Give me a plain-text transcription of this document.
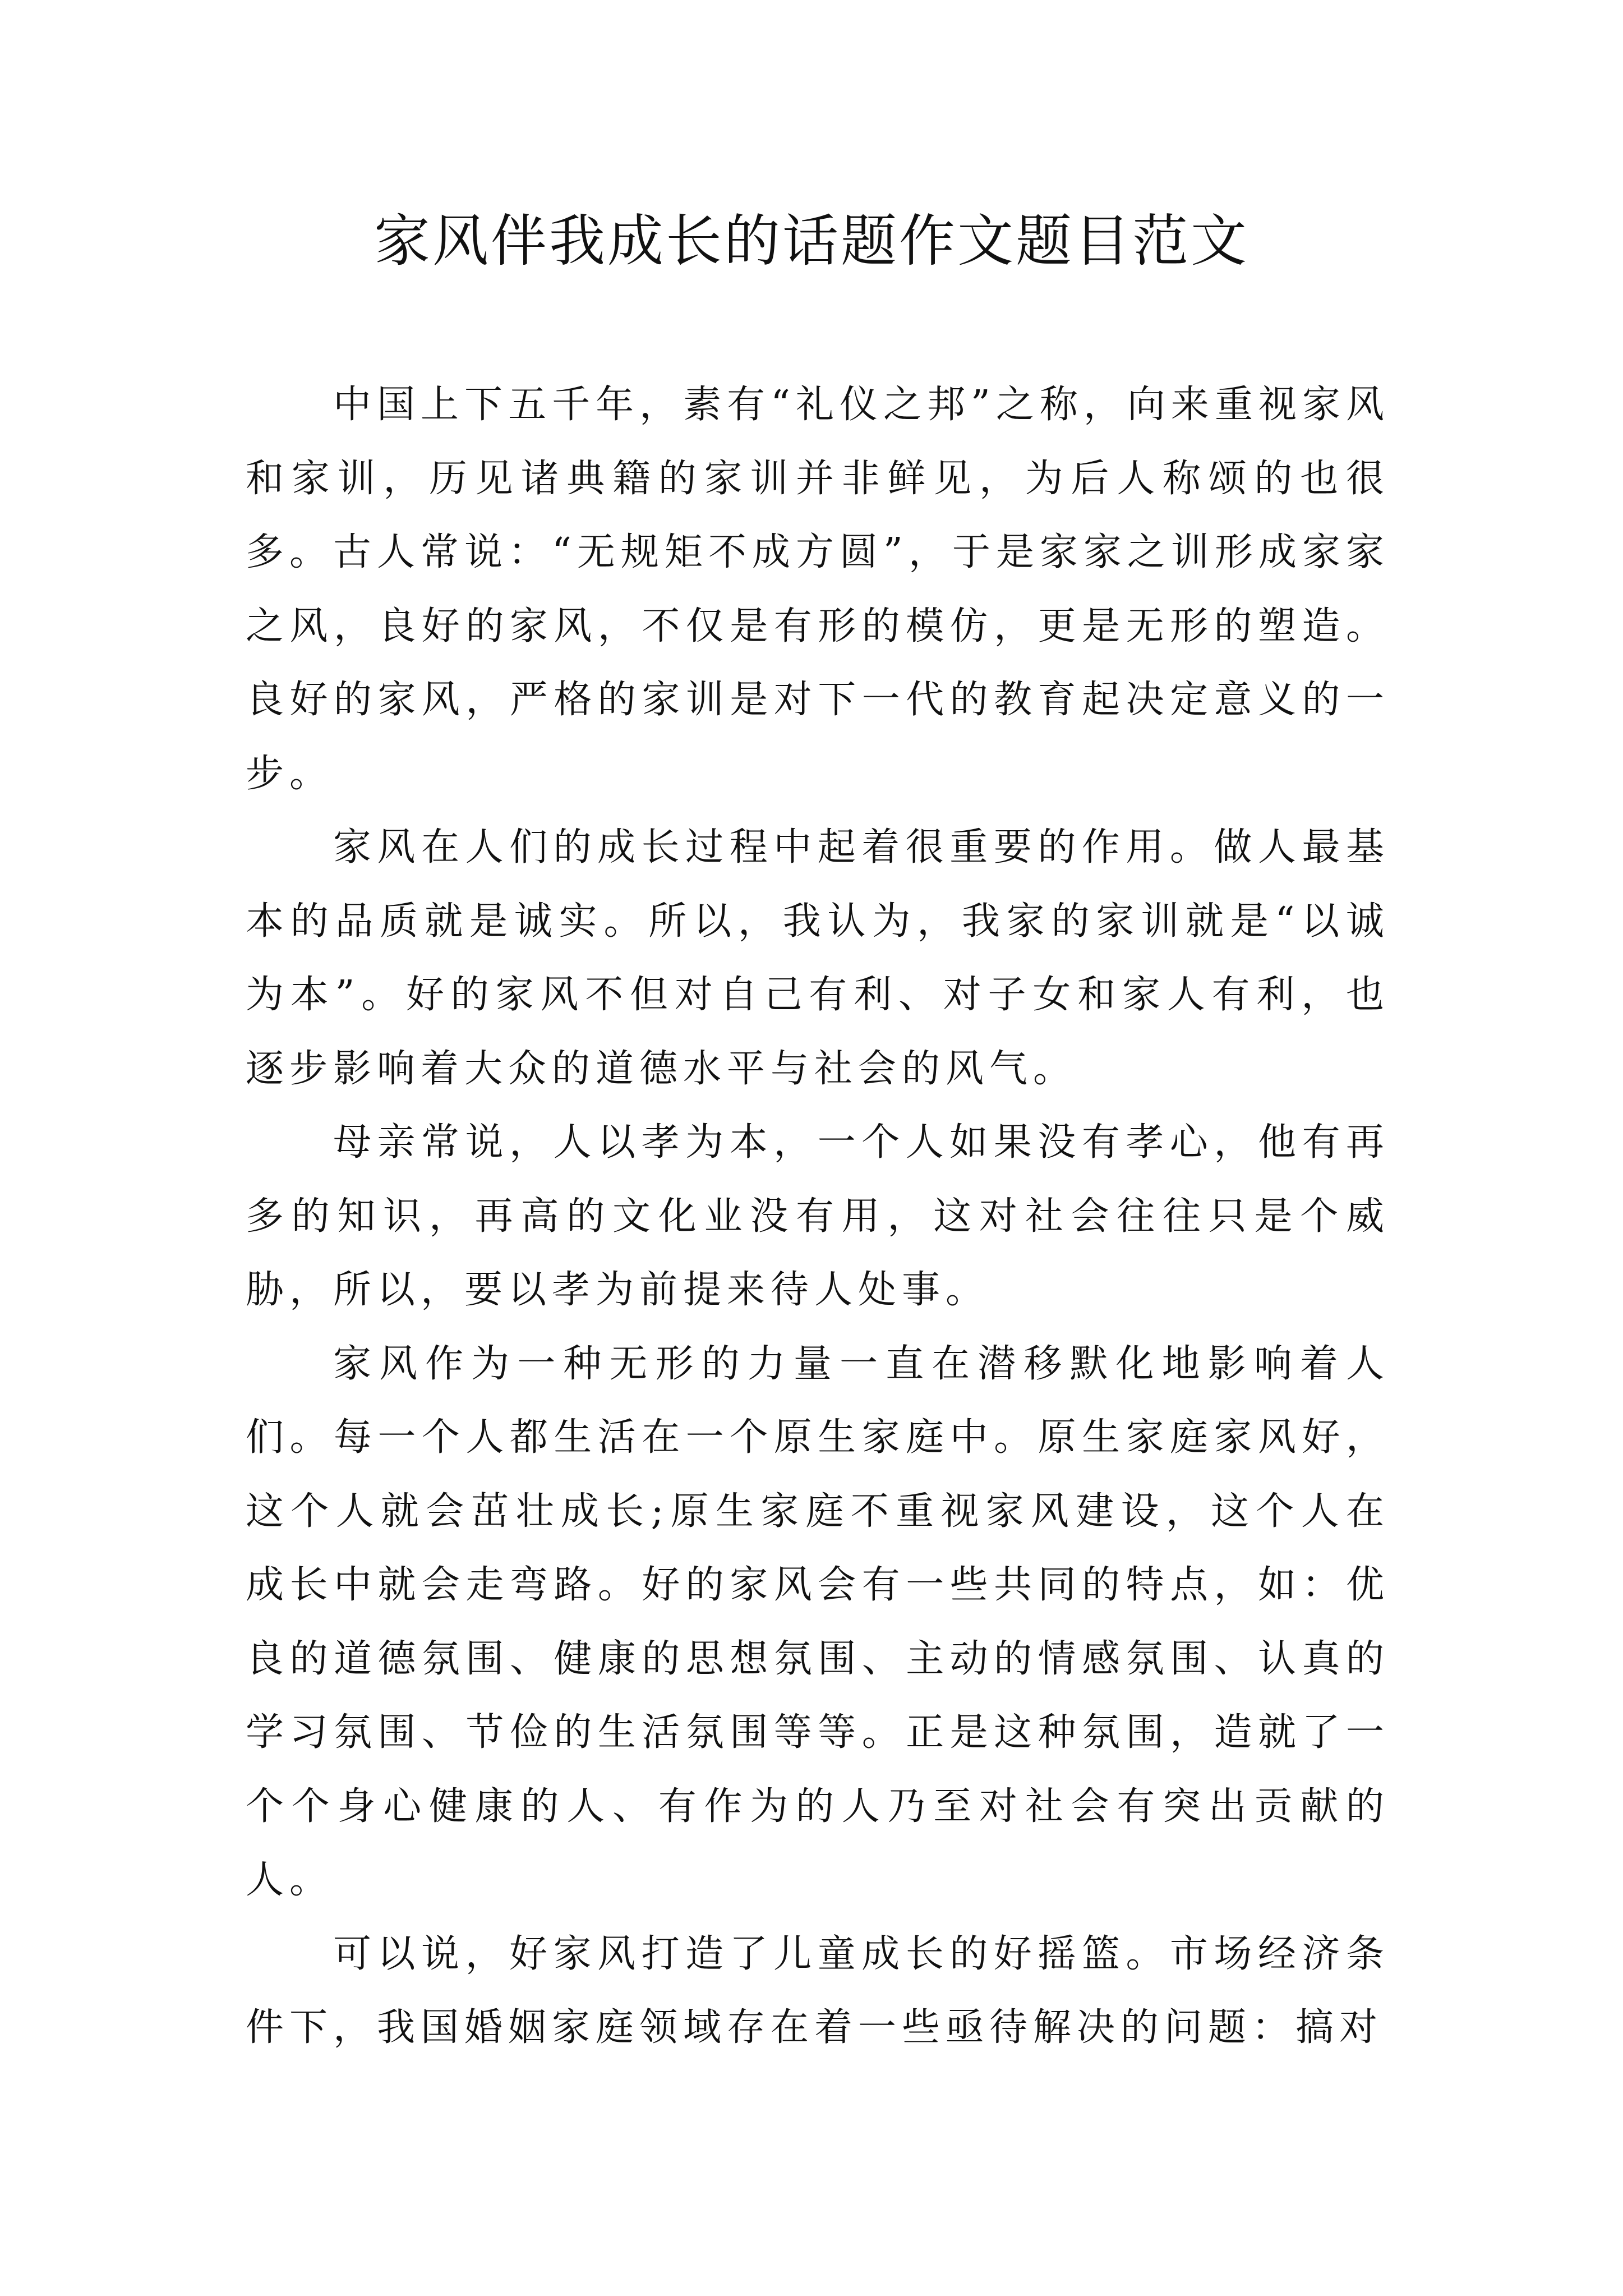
家风伴我成长的话题作文题目范文

中国上下五千年，素有“礼仪之邦”之称，向来重视家风和家训，历见诸典籍的家训并非鲜见，为后人称颂的也很多。古人常说：“无规矩不成方圆”，于是家家之训形成家家之风，良好的家风，不仅是有形的模仿，更是无形的塑造。良好的家风，严格的家训是对下一代的教育起决定意义的一步。

家风在人们的成长过程中起着很重要的作用。做人最基本的品质就是诚实。所以，我认为，我家的家训就是“以诚为本”。好的家风不但对自己有利、对子女和家人有利，也逐步影响着大众的道德水平与社会的风气。

母亲常说，人以孝为本，一个人如果没有孝心，他有再多的知识，再高的文化业没有用，这对社会往往只是个威胁，所以，要以孝为前提来待人处事。

家风作为一种无形的力量一直在潜移默化地影响着人们。每一个人都生活在一个原生家庭中。原生家庭家风好，这个人就会茁壮成长;原生家庭不重视家风建设，这个人在成长中就会走弯路。好的家风会有一些共同的特点，如：优良的道德氛围、健康的思想氛围、主动的情感氛围、认真的学习氛围、节俭的生活氛围等等。正是这种氛围，造就了一个个身心健康的人、有作为的人乃至对社会有突出贡献的人。

可以说，好家风打造了儿童成长的好摇篮。市场经济条件下，我国婚姻家庭领域存在着一些亟待解决的问题：搞对
